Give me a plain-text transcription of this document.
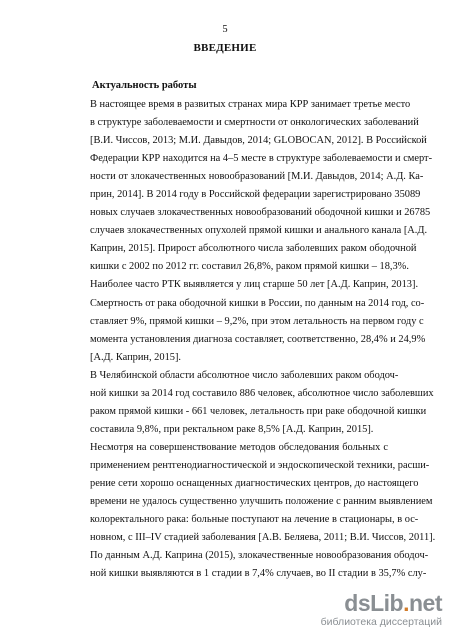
5
ВВЕДЕНИЕ
Актуальность работы
В настоящее время в развитых странах мира КРР занимает третье место
в структуре заболеваемости и смертности от онкологических заболеваний
[В.И. Чиссов, 2013; М.И. Давыдов, 2014; GLOBOCAN, 2012]. В Российской
Федерации КРР находится на 4–5 месте в структуре заболеваемости и смерт-
ности от злокачественных новообразований [М.И. Давыдов, 2014; А.Д. Ка-
прин, 2014]. В 2014 году в Российской федерации зарегистрировано 35089
новых случаев злокачественных новообразований ободочной кишки и 26785
случаев злокачественных опухолей прямой кишки и анального канала [А.Д.
Каприн, 2015]. Прирост абсолютного числа заболевших раком ободочной
кишки с 2002 по 2012 гг. составил 26,8%, раком прямой кишки – 18,3%.
Наиболее часто РТК выявляется у лиц старше 50 лет [А.Д. Каприн, 2013].
Смертность от рака ободочной кишки в России, по данным на 2014 год, со-
ставляет 9%, прямой кишки – 9,2%, при этом летальность на первом году с
момента установления диагноза составляет, соответственно, 28,4% и 24,9%
[А.Д. Каприн, 2015].
В Челябинской области абсолютное число заболевших раком ободоч-
ной кишки за 2014 год составило 886 человек, абсолютное число заболевших
раком прямой кишки - 661 человек, летальность при раке ободочной кишки
составила 9,8%, при ректальном раке 8,5% [А.Д. Каприн, 2015].
Несмотря на совершенствование методов обследования больных с
применением рентгенодиагностической и эндоскопической техники, расши-
рение сети хорошо оснащенных диагностических центров, до настоящего
времени не удалось существенно улучшить положение с ранним выявлением
колоректального рака: больные поступают на лечение в стационары, в ос-
новном, с III–IV стадией заболевания [А.В. Беляева, 2011; В.И. Чиссов, 2011].
По данным А.Д. Каприна (2015), злокачественные новообразования ободоч-
ной кишки выявляются в 1 стадии в 7,4% случаев, во II стадии в 35,7% слу-
dsLib.net
библиотека диссертаций
